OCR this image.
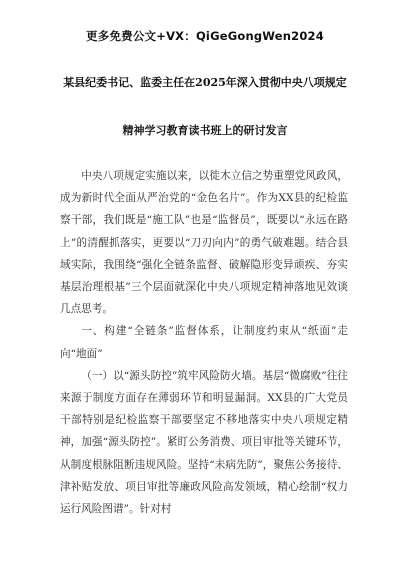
更多免费公文+VX：QiGeGongWen2024
某县纪委书记、监委主任在2025年深入贯彻中央八项规定
精神学习教育读书班上的研讨发言

中央八项规定实施以来，以徙木立信之势重塑党风政风，成为新时代全面从严治党的“金色名片”。作为XX县的纪检监察干部，我们既是“施工队”也是“监督员”，既要以“永远在路上”的清醒抓落实，更要以“刀刃向内”的勇气破难题。结合县域实际，我围绕“强化全链条监督、破解隐形变异顽疾、夯实基层治理根基”三个层面就深化中央八项规定精神落地见效谈几点思考。

一、构建“全链条”监督体系，让制度约束从“纸面”走向“地面”

（一）以“源头防控”筑牢风险防火墙。基层“微腐败”往往来源于制度方面存在薄弱环节和明显漏洞。XX县的广大党员干部特别是纪检监察干部要坚定不移地落实中央八项规定精神，加强“源头防控”。紧盯公务消费、项目审批等关键环节，从制度根脉阻断违规风险。坚持“未病先防”，聚焦公务接待、津补贴发放、项目审批等廉政风险高发领域，精心绘制“权力运行风险图谱”。针对村
